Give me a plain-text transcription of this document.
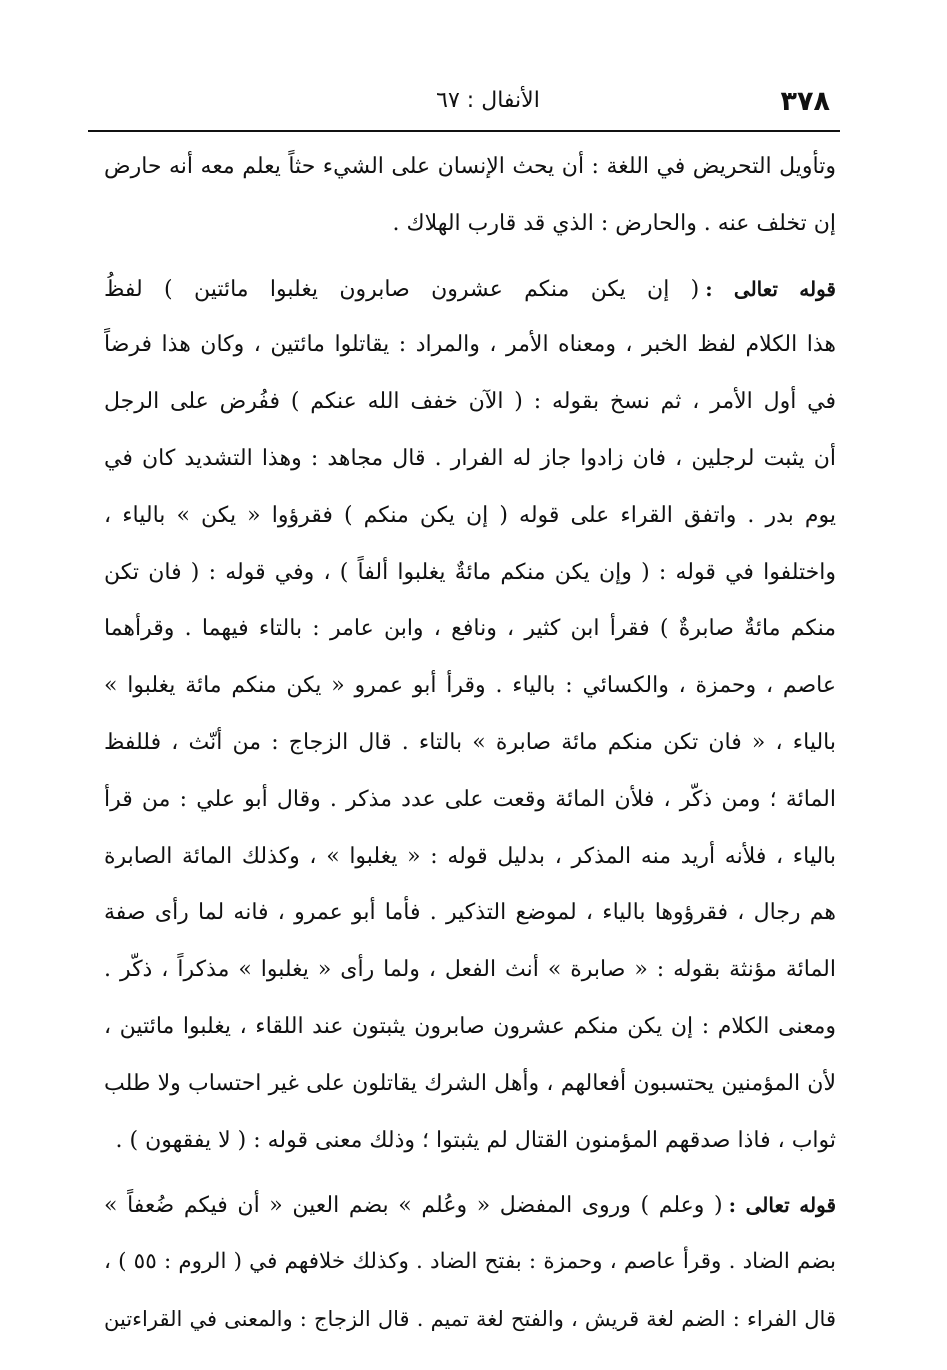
٣٧٨
الأنفال : ٦٧
وتأويل التحريض في اللغة : أن يحث الإنسان على الشيء حثاً يعلم معه أنه حارض
إن تخلف عنه . والحارض : الذي قد قارب الهلاك .
قوله تعالى :( إن يكن منكم عشرون صابرون يغلبوا مائتين ) لفظُ
هذا الكلام لفظ الخبر ، ومعناه الأمر ، والمراد : يقاتلوا مائتين ، وكان هذا فرضاً
في أول الأمر ، ثم نسخ بقوله : ( الآن خفف الله عنكم ) ففُرض على الرجل
أن يثبت لرجلين ، فان زادوا جاز له الفرار . قال مجاهد : وهذا التشديد كان في
يوم بدر . واتفق القراء على قوله ( إن يكن منكم ) فقرؤوا « يكن » بالياء ،
واختلفوا في قوله : ( وإن يكن منكم مائةٌ يغلبوا ألفاً ) ، وفي قوله : ( فان تكن
منكم مائةٌ صابرةٌ ) فقرأ ابن كثير ، ونافع ، وابن عامر : بالتاء فيهما . وقرأهما
عاصم ، وحمزة ، والكسائي : بالياء . وقرأ أبو عمرو « يكن منكم مائة يغلبوا »
بالياء ، « فان تكن منكم مائة صابرة » بالتاء . قال الزجاج : من أنّث ، فللفظ
المائة ؛ ومن ذكّر ، فلأن المائة وقعت على عدد مذكر . وقال أبو علي : من قرأ
بالياء ، فلأنه أريد منه المذكر ، بدليل قوله : « يغلبوا » ، وكذلك المائة الصابرة
هم رجال ، فقرؤوها بالياء ، لموضع التذكير . فأما أبو عمرو ، فانه لما رأى صفة
المائة مؤنثة بقوله : « صابرة » أنث الفعل ، ولما رأى « يغلبوا » مذكراً ، ذكّر .
ومعنى الكلام : إن يكن منكم عشرون صابرون يثبتون عند اللقاء ، يغلبوا مائتين ،
لأن المؤمنين يحتسبون أفعالهم ، وأهل الشرك يقاتلون على غير احتساب ولا طلب
ثواب ، فاذا صدقهم المؤمنون القتال لم يثبتوا ؛ وذلك معنى قوله : ( لا يفقهون ) .
قوله تعالى :( وعلم ) وروى المفضل « وعُلم » بضم العين « أن فيكم ضُعفاً »
بضم الضاد . وقرأ عاصم ، وحمزة : بفتح الضاد . وكذلك خلافهم في ( الروم : ٥٥ ) ،
قال الفراء : الضم لغة قريش ، والفتح لغة تميم . قال الزجاج : والمعنى في القراءتين
